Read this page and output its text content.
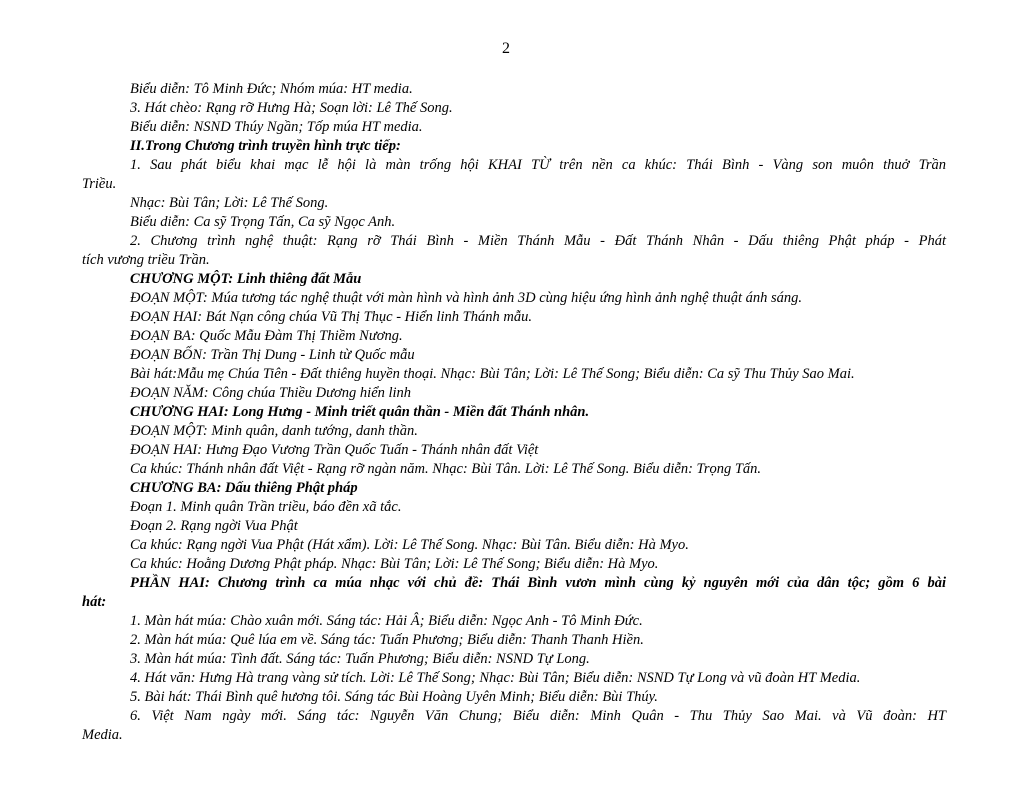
2
Biểu diễn: Tô Minh Đức; Nhóm múa: HT media.
3. Hát chèo: Rạng rỡ Hưng Hà; Soạn lời: Lê Thế Song.
Biểu diễn: NSND Thúy Ngần; Tốp múa HT media.
II.Trong Chương trình truyền hình trực tiếp:
1. Sau phát biểu khai mạc lễ hội là màn trống hội KHAI TỪ trên nền ca khúc: Thái Bình - Vàng son muôn thuở Trần
Triều.
Nhạc: Bùi Tân; Lời: Lê Thế Song.
Biểu diễn: Ca sỹ Trọng Tấn, Ca sỹ Ngọc Anh.
2. Chương trình nghệ thuật: Rạng rỡ Thái Bình - Miền Thánh Mẫu - Đất Thánh Nhân - Dấu thiêng Phật pháp - Phát
tích vương triều Trần.
CHƯƠNG MỘT: Linh thiêng đất Mẫu
ĐOẠN MỘT: Múa tương tác nghệ thuật với màn hình và hình ảnh 3D cùng hiệu ứng hình ảnh nghệ thuật ánh sáng.
ĐOẠN HAI: Bát Nạn công chúa Vũ Thị Thục - Hiển linh Thánh mẫu.
ĐOẠN BA: Quốc Mẫu Đàm Thị Thiềm Nương.
ĐOẠN BỐN: Trần Thị Dung - Linh từ Quốc mẫu
Bài hát:Mẫu mẹ Chúa Tiên - Đất thiêng huyền thoại. Nhạc: Bùi Tân; Lời: Lê Thế Song; Biểu diễn: Ca sỹ Thu Thủy Sao Mai.
ĐOẠN NĂM: Công chúa Thiều Dương hiển linh
CHƯƠNG HAI: Long Hưng - Minh triết quân thần - Miền đất Thánh nhân.
ĐOẠN MỘT: Minh quân, danh tướng, danh thần.
ĐOẠN HAI: Hưng Đạo Vương Trần Quốc Tuấn - Thánh nhân đất Việt
Ca khúc: Thánh nhân đất Việt - Rạng rỡ ngàn năm. Nhạc: Bùi Tân. Lời: Lê Thế Song. Biểu diễn: Trọng Tấn.
CHƯƠNG BA: Dấu thiêng Phật pháp
Đoạn 1. Minh quân Trần triều, báo đền xã tắc.
Đoạn 2. Rạng ngời Vua Phật
Ca khúc: Rạng ngời Vua Phật (Hát xẩm). Lời: Lê Thế Song. Nhạc: Bùi Tân. Biểu diễn: Hà Myo.
Ca khúc: Hoằng Dương Phật pháp. Nhạc: Bùi Tân; Lời: Lê Thế Song; Biểu diễn: Hà Myo.
PHẦN HAI: Chương trình ca múa nhạc với chủ đề: Thái Bình vươn mình cùng kỷ nguyên mới của dân tộc; gồm 6 bài
hát:
1. Màn hát múa: Chào xuân mới. Sáng tác: Hải Â; Biểu diễn: Ngọc Anh - Tô Minh Đức.
2. Màn hát múa: Quê lúa em về. Sáng tác: Tuấn Phương; Biểu diễn: Thanh Thanh Hiền.
3. Màn hát múa: Tình đất. Sáng tác: Tuấn Phương; Biểu diễn: NSND Tự Long.
4. Hát văn: Hưng Hà trang vàng sử tích. Lời: Lê Thế Song; Nhạc: Bùi Tân; Biểu diễn: NSND Tự Long và vũ đoàn HT Media.
5. Bài hát: Thái Bình quê hương tôi. Sáng tác Bùi Hoàng Uyên Minh; Biểu diễn: Bùi Thúy.
6. Việt Nam ngày mới. Sáng tác: Nguyễn Văn Chung; Biểu diễn: Minh Quân - Thu Thủy Sao Mai. và Vũ đoàn: HT
Media.
